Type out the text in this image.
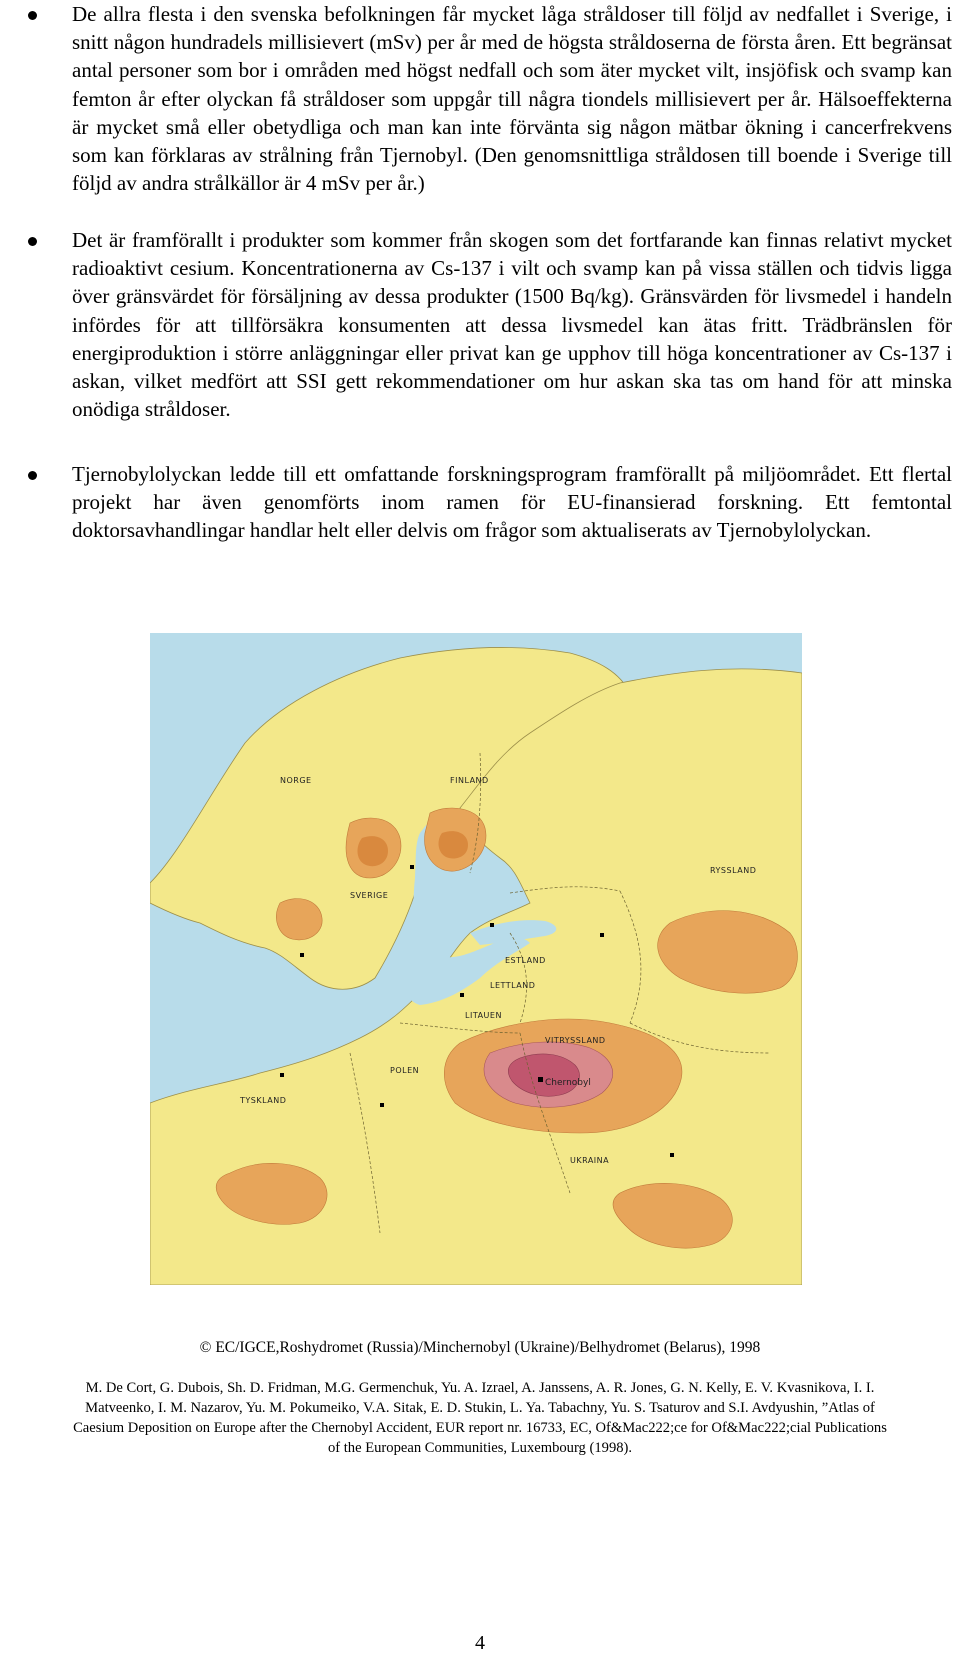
De allra flesta i den svenska befolkningen får mycket låga stråldoser till följd av nedfallet i Sverige, i snitt någon hundradels millisievert (mSv) per år med de högsta stråldoserna de första åren. Ett begränsat antal personer som bor i områden med högst nedfall och som äter mycket vilt, insjöfisk och svamp kan femton år efter olyckan få stråldoser som uppgår till några tiondels millisievert per år. Hälsoeffekterna är mycket små eller obetydliga och man kan inte förvänta sig någon mätbar ökning i cancerfrekvens som kan förklaras av strålning från Tjernobyl. (Den genomsnittliga stråldosen till boende i Sverige till följd av andra strålkällor är 4 mSv per år.)
Det är framförallt i produkter som kommer från skogen som det fortfarande kan finnas relativt mycket radioaktivt cesium. Koncentrationerna av Cs-137 i vilt och svamp kan på vissa ställen och tidvis ligga över gränsvärdet för försäljning av dessa produkter (1500 Bq/kg). Gränsvärden för livsmedel i handeln infördes för att tillförsäkra konsumenten att dessa livsmedel kan ätas fritt. Trädbränslen för energiproduktion i större anläggningar eller privat kan ge upphov till höga koncentrationer av Cs-137 i askan, vilket medfört att SSI gett rekommendationer om hur askan ska tas om hand för att minska onödiga stråldoser.
Tjernobylolyckan ledde till ett omfattande forskningsprogram framförallt på miljöområdet. Ett flertal projekt har även genomförts inom ramen för EU-finansierad forskning. Ett femtontal doktorsavhandlingar handlar helt eller delvis om frågor som aktualiserats av Tjernobylolyckan.
NORGE
SVERIGE
FINLAND
RYSSLAND
ESTLAND
LETTLAND
LITAUEN
VITRYSSLAND
POLEN
TYSKLAND
UKRAINA
Chernobyl
© EC/IGCE,Roshydromet (Russia)/Minchernobyl (Ukraine)/Belhydromet (Belarus), 1998
M. De Cort, G. Dubois, Sh. D. Fridman, M.G. Germenchuk, Yu. A. Izrael, A. Janssens, A. R. Jones, G. N. Kelly, E. V. Kvasnikova, I. I.
Matveenko, I. M. Nazarov, Yu. M. Pokumeiko, V.A. Sitak, E. D. Stukin, L. Ya. Tabachny, Yu. S. Tsaturov and S.I. Avdyushin, ”Atlas of
Caesium Deposition on Europe after the Chernobyl Accident, EUR report nr. 16733, EC, Of&Mac222;ce for Of&Mac222;cial Publications
of the European Communities, Luxembourg (1998).
4
